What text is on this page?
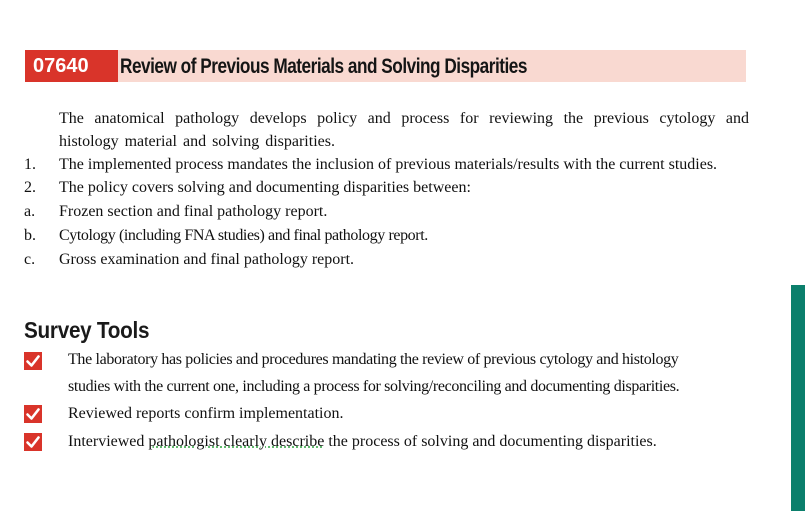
07640	Review of Previous Materials and Solving Disparities
The anatomical pathology develops policy and process for reviewing the previous cytology and histology material and solving disparities.
1. The implemented process mandates the inclusion of previous materials/results with the current studies.
2. The policy covers solving and documenting disparities between:
a. Frozen section and final pathology report.
b. Cytology (including FNA studies) and final pathology report.
c. Gross examination and final pathology report.
Survey Tools
The laboratory has policies and procedures mandating the review of previous cytology and histology
studies with the current one, including a process for solving/reconciling and documenting disparities.
Reviewed reports confirm implementation.
Interviewed pathologist clearly describe the process of solving and documenting disparities.
